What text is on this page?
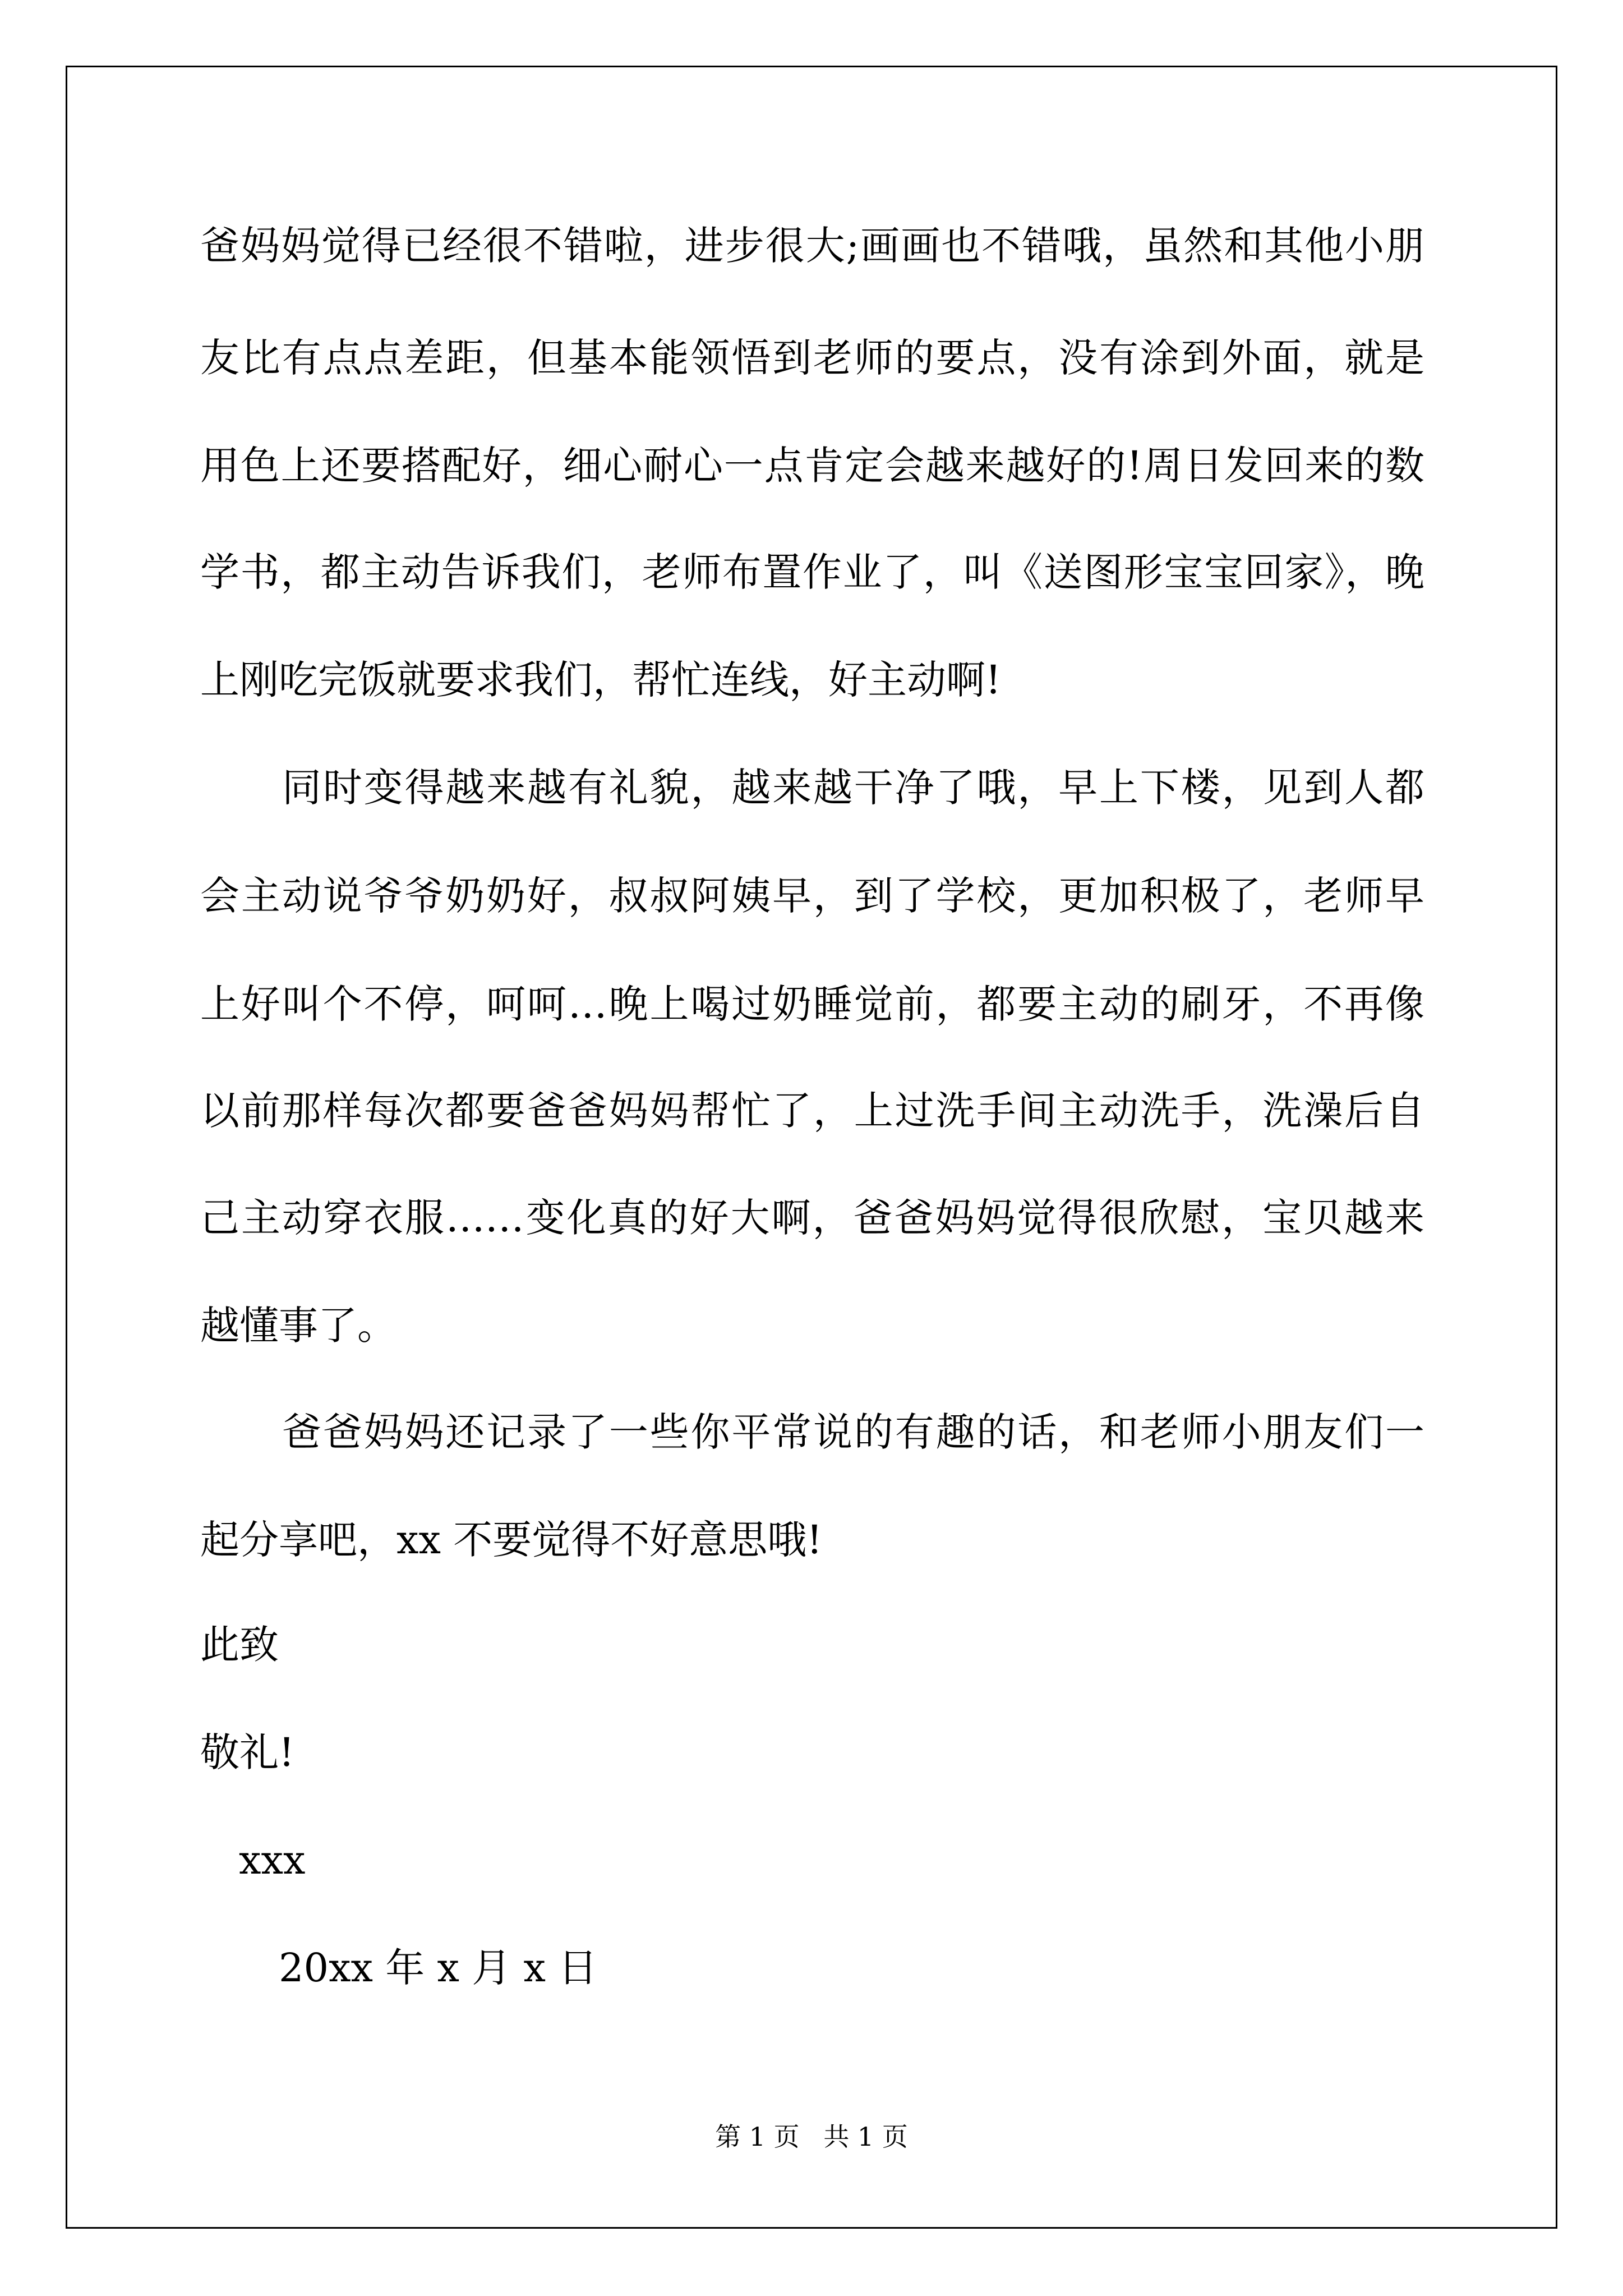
爸妈妈觉得已经很不错啦，进步很大;画画也不错哦，虽然和其他小朋
友比有点点差距，但基本能领悟到老师的要点，没有涂到外面，就是
用色上还要搭配好，细心耐心一点肯定会越来越好的!周日发回来的数
学书，都主动告诉我们，老师布置作业了，叫《送图形宝宝回家》，晚
上刚吃完饭就要求我们，帮忙连线，好主动啊!
同时变得越来越有礼貌，越来越干净了哦，早上下楼，见到人都
会主动说爷爷奶奶好，叔叔阿姨早，到了学校，更加积极了，老师早
上好叫个不停，呵呵…晚上喝过奶睡觉前，都要主动的刷牙，不再像
以前那样每次都要爸爸妈妈帮忙了，上过洗手间主动洗手，洗澡后自
己主动穿衣服……变化真的好大啊，爸爸妈妈觉得很欣慰，宝贝越来
越懂事了。
爸爸妈妈还记录了一些你平常说的有趣的话，和老师小朋友们一
起分享吧，xx 不要觉得不好意思哦!
此致
敬礼!
xxx
20xx 年 x 月 x 日
第 1 页 共 1 页
